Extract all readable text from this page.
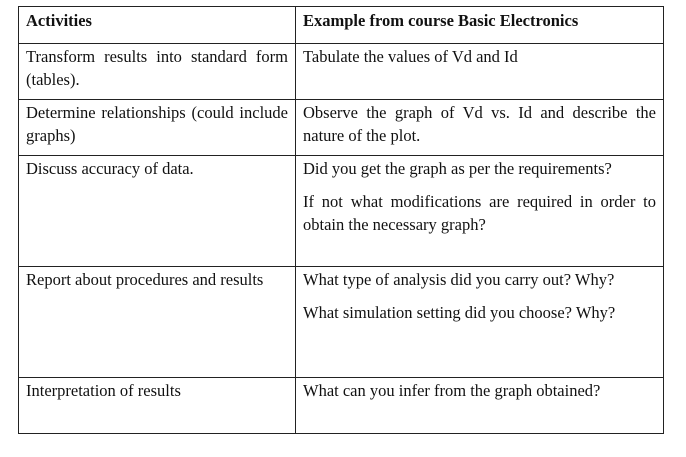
Activities	Example from course Basic Electronics
Transform results into standard form (tables).	Tabulate the values of Vd and Id

Determine relationships (could include graphs)	Observe the graph of Vd vs. Id and describe the nature of the plot.

Discuss accuracy of data.	Did you get the graph as per the requirements?

If not what modifications are required in order to obtain the necessary graph?

Report about procedures and results	What type of analysis did you carry out? Why?

What simulation setting did you choose? Why?

Interpretation of results	What can you infer from the graph obtained?
